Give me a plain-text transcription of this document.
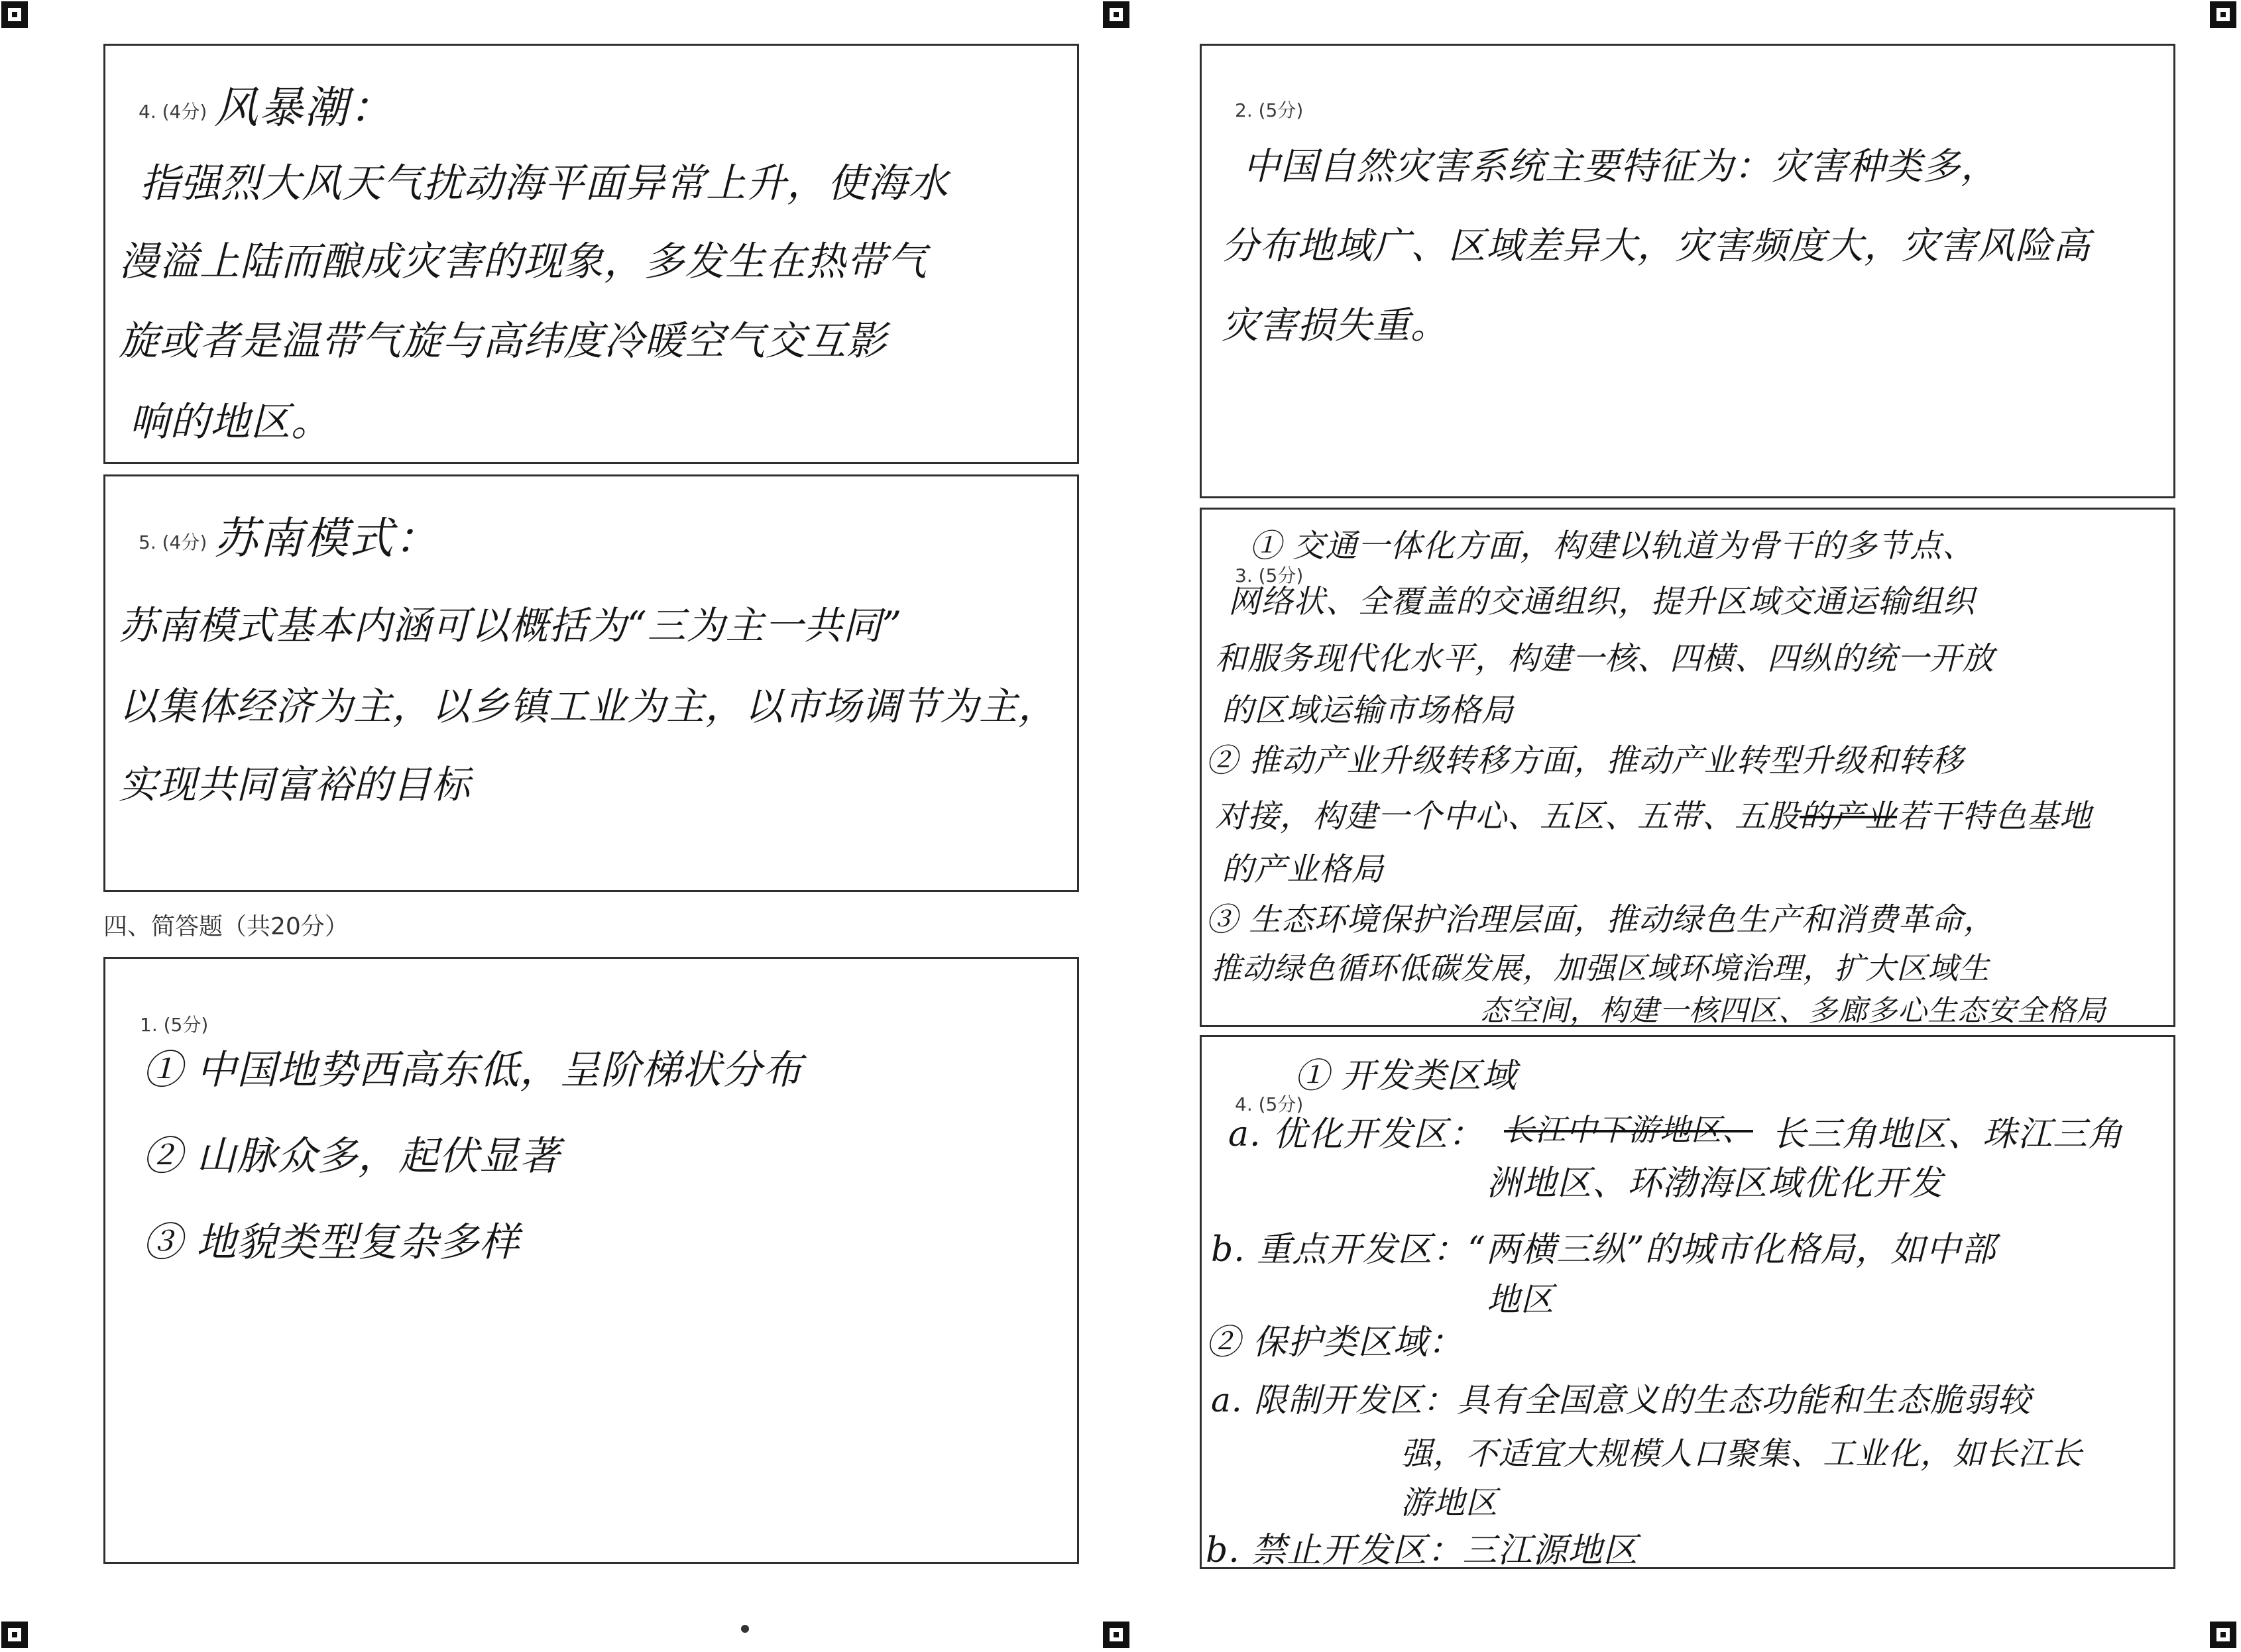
4. (4分) 风暴潮：
指强烈大风天气扰动海平面异常上升，使海水
漫溢上陆而酿成灾害的现象，多发生在热带气
旋或者是温带气旋与高纬度冷暖空气交互影
响的地区。
5. (4分) 苏南模式：
苏南模式基本内涵可以概括为“三为主一共同”
以集体经济为主，以乡镇工业为主，以市场调节为主，
实现共同富裕的目标
四、简答题（共20分）
1. (5分)
① 中国地势西高东低，呈阶梯状分布
② 山脉众多，起伏显著
③ 地貌类型复杂多样
2. (5分)
中国自然灾害系统主要特征为：灾害种类多，
分布地域广、区域差异大，灾害频度大，灾害风险高
灾害损失重。
3. (5分)
① 交通一体化方面，构建以轨道为骨干的多节点、
网络状、全覆盖的交通组织，提升区域交通运输组织
和服务现代化水平，构建一核、四横、四纵的统一开放
的区域运输市场格局
② 推动产业升级转移方面，推动产业转型升级和转移
对接，构建一个中心、五区、五带、五股的产业若干特色基地
的产业格局
③ 生态环境保护治理层面，推动绿色生产和消费革命，
推动绿色循环低碳发展，加强区域环境治理，扩大区域生
态空间，构建一核四区、多廊多心生态安全格局
4. (5分)
① 开发类区域
a. 优化开发区： 长江中下游地区、 长三角地区、珠江三角
洲地区、环渤海区域优化开发
b. 重点开发区：“两横三纵”的城市化格局，如中部
地区
② 保护类区域：
a. 限制开发区：具有全国意义的生态功能和生态脆弱较
强，不适宜大规模人口聚集、工业化，如长江长
游地区
b. 禁止开发区：三江源地区
